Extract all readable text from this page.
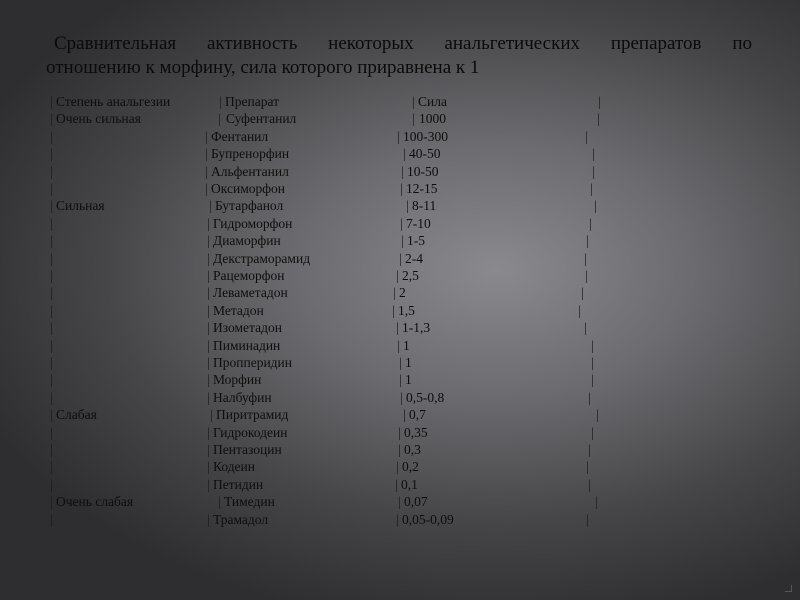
Сравнительная активность некоторых анальгетических препаратов по
отношению к морфину, сила которого приравнена к 1
| Степень анальгезии	| Препарат	| Сила	|
| Очень сильная	| Суфентанил	| 1000	|
|	| Фентанил	| 100-300	|
|	| Бупренорфин	| 40-50	|
|	| Альфентанил	| 10-50	|
|	| Оксиморфон	| 12-15	|
| Сильная	| Бутарфанол	| 8-11	|
|	| Гидроморфон	| 7-10	|
|	| Диаморфин	| 1-5	|
|	| Декстраморамид	| 2-4	|
|	| Рацеморфон	| 2,5	|
|	| Леваметадон	| 2	|
|	| Метадон	| 1,5	|
|	| Изометадон	| 1-1,3	|
|	| Пиминадин	| 1	|
|	| Пропперидин	| 1	|
|	| Морфин	| 1	|
|	| Налбуфин	| 0,5-0,8	|
| Слабая	| Пиритрамид	| 0,7	|
|	| Гидрокодеин	| 0,35	|
|	| Пентазоцин	| 0,3	|
|	| Кодеин	| 0,2	|
|	| Петидин	| 0,1	|
| Очень слабая	| Тимедин	| 0,07	|
|	| Трамадол	| 0,05-0,09	|
